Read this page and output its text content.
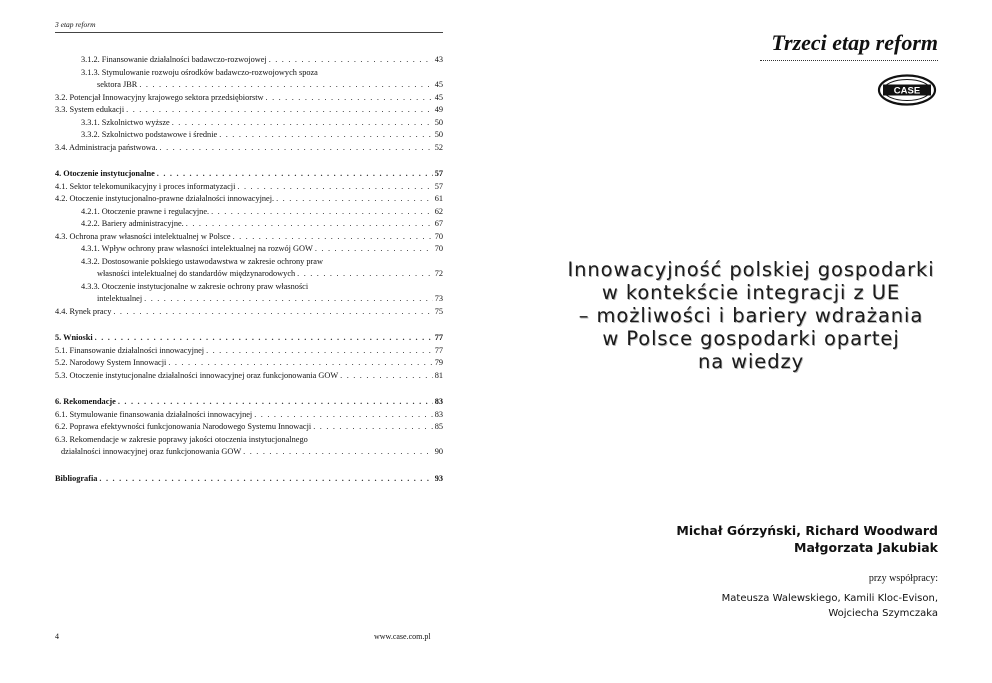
3 etap reform
3.1.2. Finansowanie działalności badawczo-rozwojowej . . .	43
3.1.3. Stymulowanie rozwoju ośrodków badawczo-rozwojowych spoza
sektora JBR . . .	45
3.2. Potencjał Innowacyjny krajowego sektora przedsiębiorstw . . .	45
3.3. System edukacji . . .	49
3.3.1. Szkolnictwo wyższe . . .	50
3.3.2. Szkolnictwo podstawowe i średnie . . .	50
3.4. Administracja państwowa. . . .	52
4. Otoczenie instytucjonalne . . .	57
4.1. Sektor telekomunikacyjny i proces informatyzacji . . .	57
4.2. Otoczenie instytucjonalno-prawne działalności innowacyjnej. . . .	61
4.2.1. Otoczenie prawne i regulacyjne. . . .	62
4.2.2. Bariery administracyjne. . . .	67
4.3. Ochrona praw własności intelektualnej w Polsce . . .	70
4.3.1. Wpływ ochrony praw własności intelektualnej na rozwój GOW . . .	70
4.3.2. Dostosowanie polskiego ustawodawstwa w zakresie ochrony praw
własności intelektualnej do standardów międzynarodowych . . .	72
4.3.3. Otoczenie instytucjonalne w zakresie ochrony praw własności
intelektualnej . . .	73
4.4. Rynek pracy . . .	75
5. Wnioski . . .	77
5.1. Finansowanie działalności innowacyjnej . . .	77
5.2. Narodowy System Innowacji . . .	79
5.3. Otoczenie instytucjonalne działalności innowacyjnej oraz funkcjonowania GOW . . .	81
6. Rekomendacje . . .	83
6.1. Stymulowanie finansowania działalności innowacyjnej . . .	83
6.2. Poprawa efektywności funkcjonowania Narodowego Systemu Innowacji . . .	85
6.3. Rekomendacje w zakresie poprawy jakości otoczenia instytucjonalnego
działalności innowacyjnej oraz funkcjonowania GOW . . .	90
Bibliografia . . .	93
4	www.case.com.pl
Trzeci etap reform
CASE
Innowacyjność polskiej gospodarki
w kontekście integracji z UE
– możliwości i bariery wdrażania
w Polsce gospodarki opartej
na wiedzy
Michał Górzyński, Richard Woodward
Małgorzata Jakubiak
przy współpracy:
Mateusza Walewskiego, Kamili Kloc-Evison,
Wojciecha Szymczaka
